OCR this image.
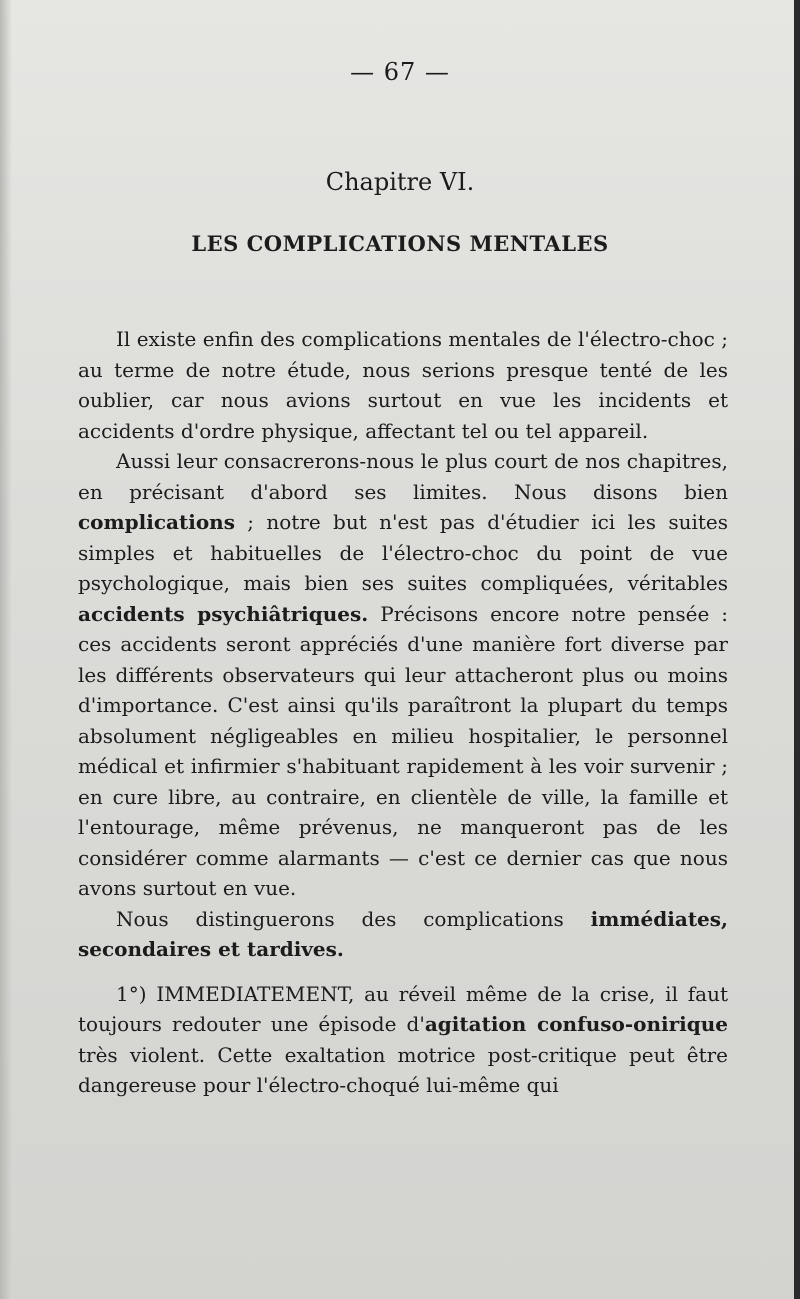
— 67 —
Chapitre VI.
LES COMPLICATIONS MENTALES

Il existe enfin des complications mentales de l'électro-choc ; au terme de notre étude, nous serions presque tenté de les oublier, car nous avions surtout en vue les incidents et accidents d'ordre physique, affectant tel ou tel appareil.

Aussi leur consacrerons-nous le plus court de nos chapitres, en précisant d'abord ses limites. Nous disons bien complications ; notre but n'est pas d'étudier ici les suites simples et habituelles de l'électro-choc du point de vue psychologique, mais bien ses suites compliquées, véritables accidents psychiâtriques. Précisons encore notre pensée : ces accidents seront appréciés d'une manière fort diverse par les différents observateurs qui leur attacheront plus ou moins d'importance. C'est ainsi qu'ils paraîtront la plupart du temps absolument négligeables en milieu hospitalier, le personnel médical et infirmier s'habituant rapidement à les voir survenir ; en cure libre, au contraire, en clientèle de ville, la famille et l'entourage, même prévenus, ne manqueront pas de les considérer comme alarmants — c'est ce dernier cas que nous avons surtout en vue.

Nous distinguerons des complications immédiates, secondaires et tardives.

1°) IMMEDIATEMENT, au réveil même de la crise, il faut toujours redouter une épisode d'agitation confuso-onirique très violent. Cette exaltation motrice post-critique peut être dangereuse pour l'électro-choqué lui-même qui
